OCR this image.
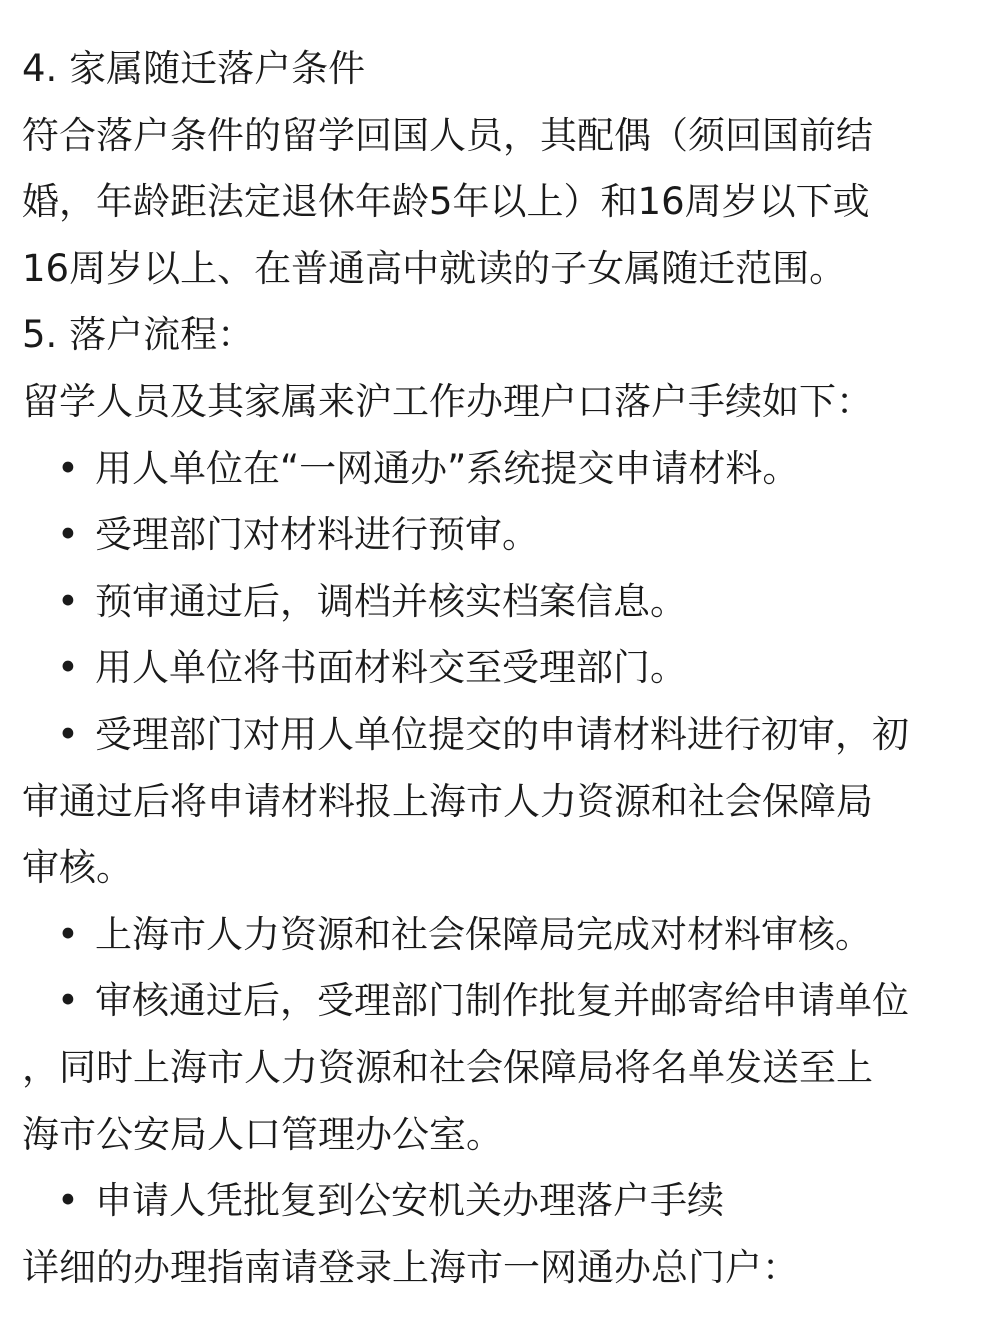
4. 家属随迁落户条件
符合落户条件的留学回国人员，其配偶（须回国前结
婚，年龄距法定退休年龄5年以上）和16周岁以下或
16周岁以上、在普通高中就读的子女属随迁范围。
5. 落户流程：
留学人员及其家属来沪工作办理户口落户手续如下：
• 用人单位在“一网通办”系统提交申请材料。
• 受理部门对材料进行预审。
• 预审通过后，调档并核实档案信息。
• 用人单位将书面材料交至受理部门。
• 受理部门对用人单位提交的申请材料进行初审，初
审通过后将申请材料报上海市人力资源和社会保障局
审核。
• 上海市人力资源和社会保障局完成对材料审核。
• 审核通过后，受理部门制作批复并邮寄给申请单位
，同时上海市人力资源和社会保障局将名单发送至上
海市公安局人口管理办公室。
• 申请人凭批复到公安机关办理落户手续
详细的办理指南请登录上海市一网通办总门户：
